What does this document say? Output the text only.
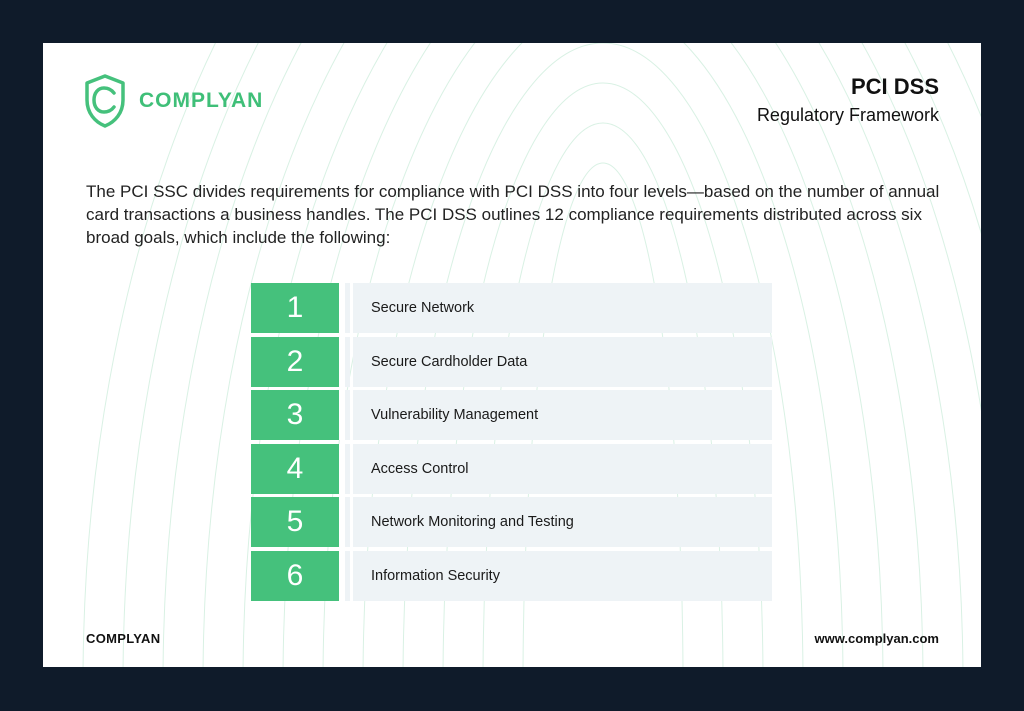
COMPLYAN
PCI DSS
Regulatory Framework

The PCI SSC divides requirements for compliance with PCI DSS into four levels—based on the number of annual card transactions a business handles. The PCI DSS outlines 12 compliance requirements distributed across six broad goals, which include the following:

1	Secure Network
2	Secure Cardholder Data
3	Vulnerability Management
4	Access Control
5	Network Monitoring and Testing
6	Information Security
COMPLYAN	www.complyan.com
